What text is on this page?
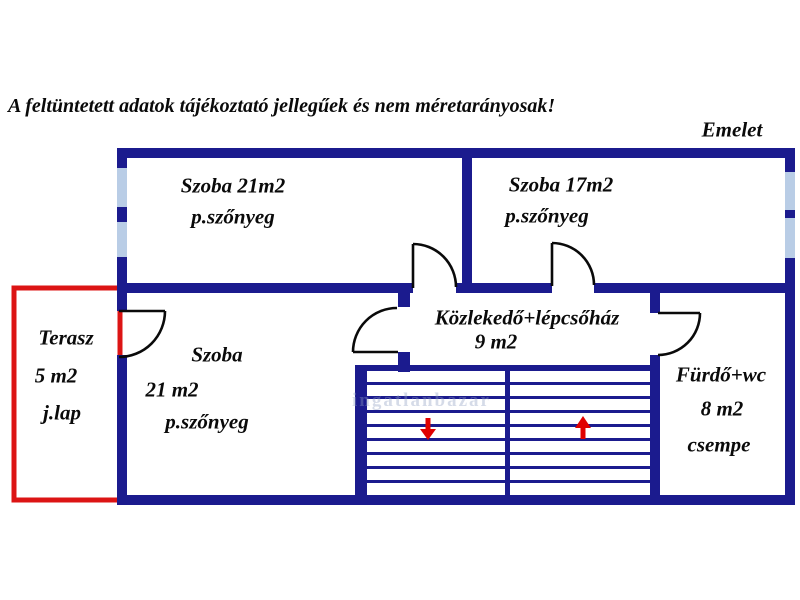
A feltüntetett adatok tájékoztató jellegűek és nem méretarányosak!
Emelet
Szoba 21m2
p.szőnyeg
Szoba 17m2
p.szőnyeg
Közlekedő+lépcsőház
9 m2
Terasz
5 m2
j.lap
Szoba
21 m2
p.szőnyeg
Fürdő+wc
8 m2
csempe
ingatlanbazar
